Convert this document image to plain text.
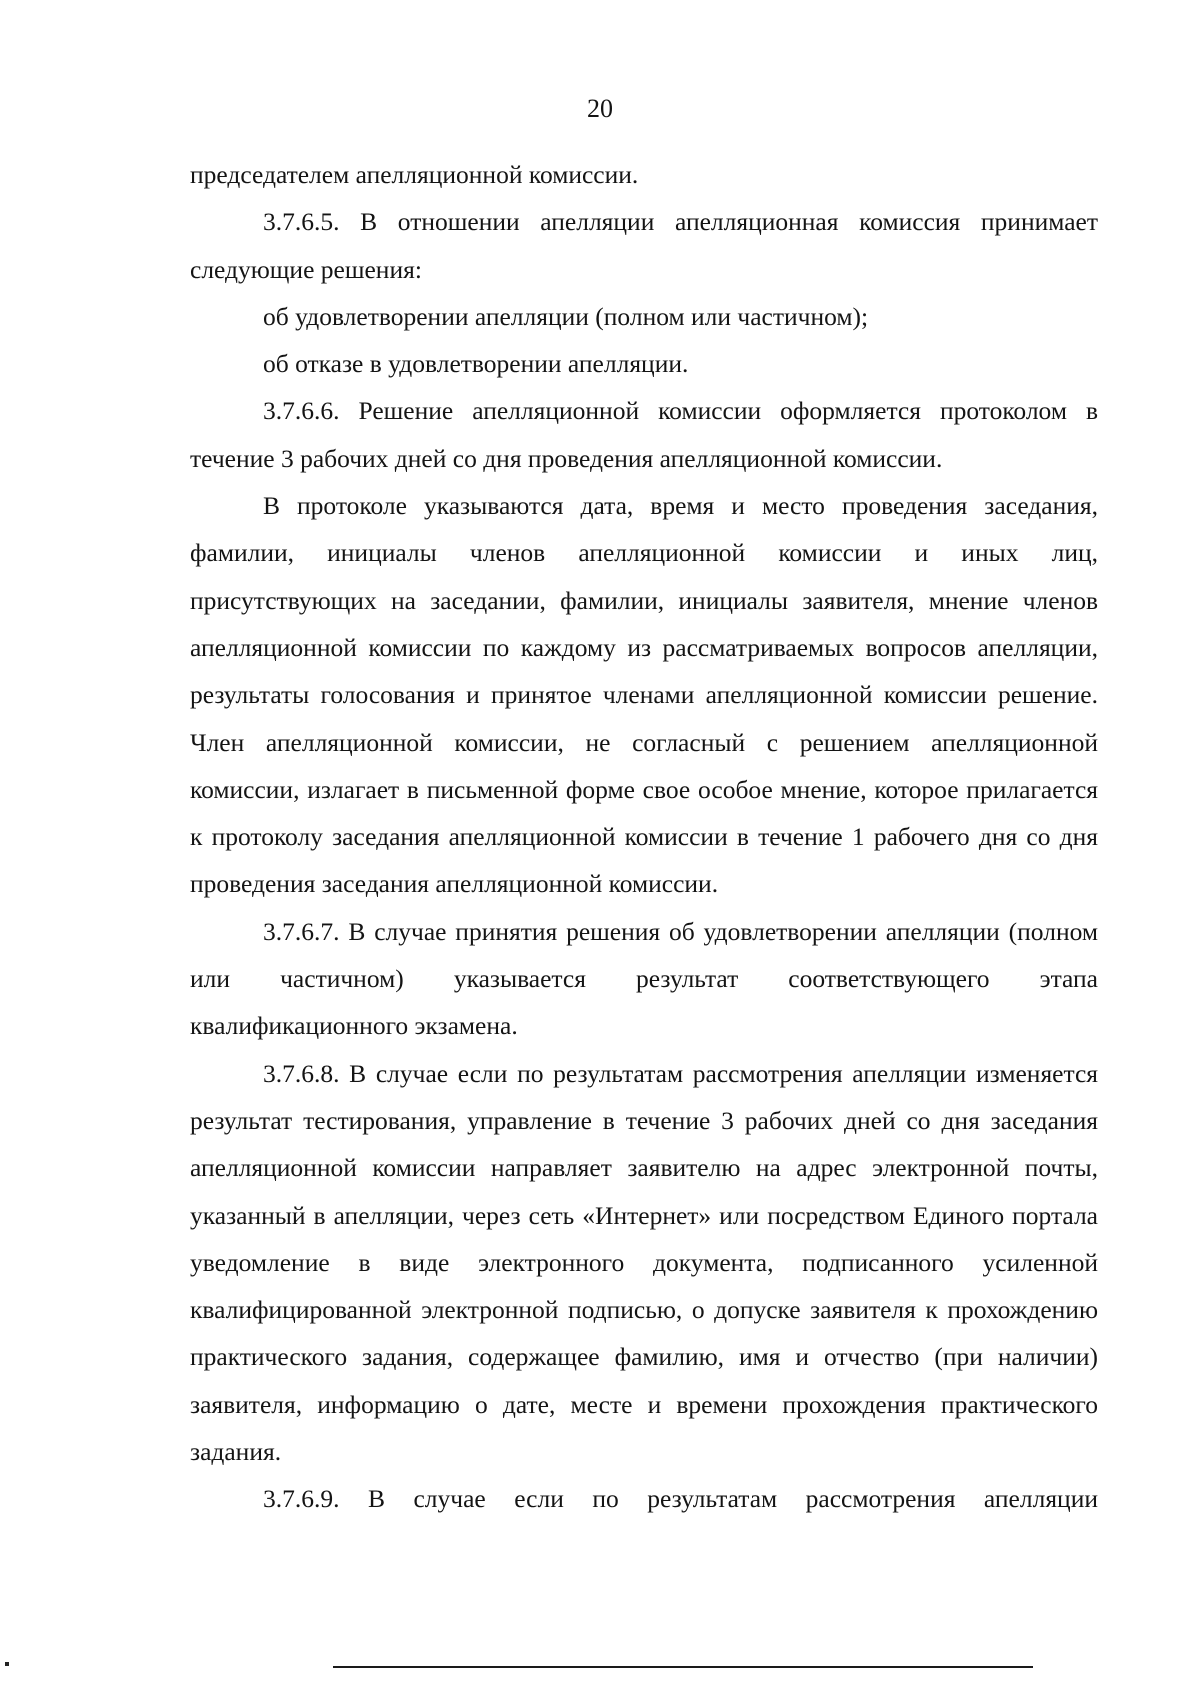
20

председателем апелляционной комиссии.

3.7.6.5. В отношении апелляции апелляционная комиссия принимает следующие решения:

об удовлетворении апелляции (полном или частичном);

об отказе в удовлетворении апелляции.

3.7.6.6. Решение апелляционной комиссии оформляется протоколом в течение 3 рабочих дней со дня проведения апелляционной комиссии.

В протоколе указываются дата, время и место проведения заседания, фамилии, инициалы членов апелляционной комиссии и иных лиц, присутствующих на заседании, фамилии, инициалы заявителя, мнение членов апелляционной комиссии по каждому из рассматриваемых вопросов апелляции, результаты голосования и принятое членами апелляционной комиссии решение. Член апелляционной комиссии, не согласный с решением апелляционной комиссии, излагает в письменной форме свое особое мнение, которое прилагается к протоколу заседания апелляционной комиссии в течение 1 рабочего дня со дня проведения заседания апелляционной комиссии.

3.7.6.7. В случае принятия решения об удовлетворении апелляции (полном или частичном) указывается результат соответствующего этапа квалификационного экзамена.

3.7.6.8. В случае если по результатам рассмотрения апелляции изменяется результат тестирования, управление в течение 3 рабочих дней со дня заседания апелляционной комиссии направляет заявителю на адрес электронной почты, указанный в апелляции, через сеть «Интернет» или посредством Единого портала уведомление в виде электронного документа, подписанного усиленной квалифицированной электронной подписью, о допуске заявителя к прохождению практического задания, содержащее фамилию, имя и отчество (при наличии) заявителя, информацию о дате, месте и времени прохождения практического задания.

3.7.6.9. В случае если по результатам рассмотрения апелляции
